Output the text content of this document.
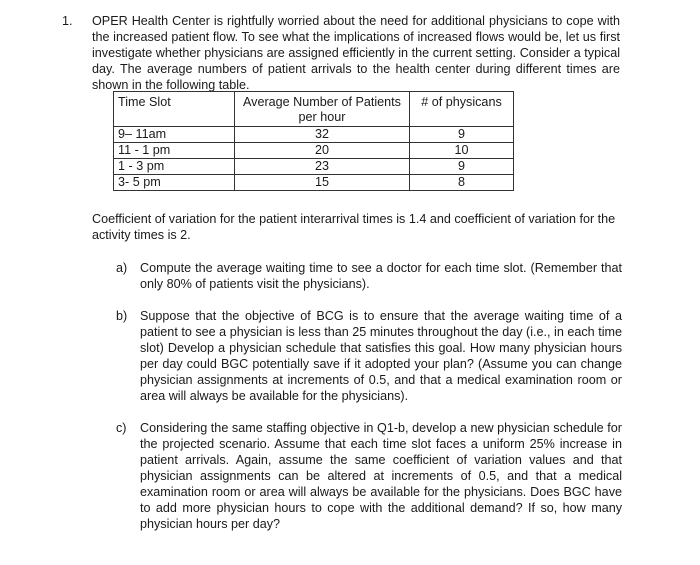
1. OPER Health Center is rightfully worried about the need for additional physicians to cope with the increased patient flow. To see what the implications of increased flows would be, let us first investigate whether physicians are assigned efficiently in the current setting. Consider a typical day. The average numbers of patient arrivals to the health center during different times are shown in the following table.
Time Slot	Average Number of Patients per hour	# of physicans
9– 11am	32	9
11 - 1 pm	20	10
1 - 3 pm	23	9
3- 5 pm	15	8
Coefficient of variation for the patient interarrival times is 1.4 and coefficient of variation for the activity times is 2.
a)	Compute the average waiting time to see a doctor for each time slot. (Remember that only 80% of patients visit the physicians).
b)	Suppose that the objective of BCG is to ensure that the average waiting time of a patient to see a physician is less than 25 minutes throughout the day (i.e., in each time slot) Develop a physician schedule that satisfies this goal. How many physician hours per day could BGC potentially save if it adopted your plan? (Assume you can change physician assignments at increments of 0.5, and that a medical examination room or area will always be available for the physicians).
c)	Considering the same staffing objective in Q1-b, develop a new physician schedule for the projected scenario. Assume that each time slot faces a uniform 25% increase in patient arrivals. Again, assume the same coefficient of variation values and that physician assignments can be altered at increments of 0.5, and that a medical examination room or area will always be available for the physicians. Does BGC have to add more physician hours to cope with the additional demand? If so, how many physician hours per day?
